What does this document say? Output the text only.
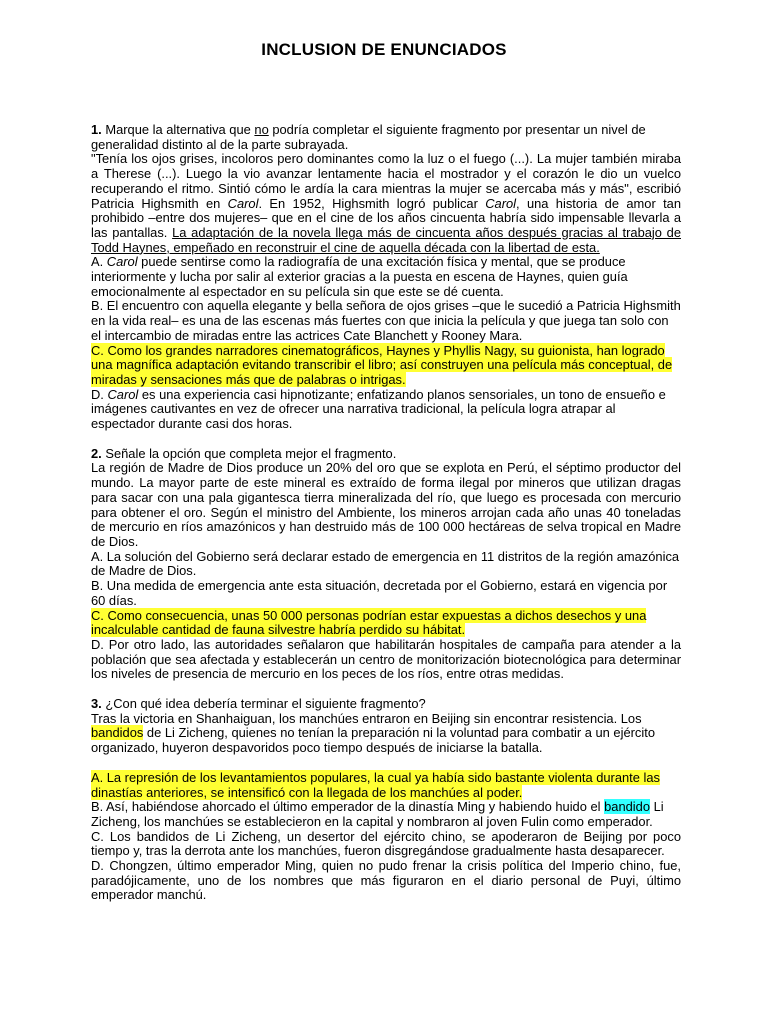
INCLUSION DE ENUNCIADOS

1. Marque la alternativa que no podría completar el siguiente fragmento por presentar un nivel de generalidad distinto al de la parte subrayada.

"Tenía los ojos grises, incoloros pero dominantes como la luz o el fuego (...). La mujer también miraba a Therese (...). Luego la vio avanzar lentamente hacia el mostrador y el corazón le dio un vuelco recuperando el ritmo. Sintió cómo le ardía la cara mientras la mujer se acercaba más y más", escribió Patricia Highsmith en Carol. En 1952, Highsmith logró publicar Carol, una historia de amor tan prohibido –entre dos mujeres– que en el cine de los años cincuenta habría sido impensable llevarla a las pantallas. La adaptación de la novela llega más de cincuenta años después gracias al trabajo de Todd Haynes, empeñado en reconstruir el cine de aquella década con la libertad de esta.

A. Carol puede sentirse como la radiografía de una excitación física y mental, que se produce interiormente y lucha por salir al exterior gracias a la puesta en escena de Haynes, quien guía emocionalmente al espectador en su película sin que este se dé cuenta.

B. El encuentro con aquella elegante y bella señora de ojos grises –que le sucedió a Patricia Highsmith en la vida real– es una de las escenas más fuertes con que inicia la película y que juega tan solo con el intercambio de miradas entre las actrices Cate Blanchett y Rooney Mara.

C. Como los grandes narradores cinematográficos, Haynes y Phyllis Nagy, su guionista, han logrado una magnífica adaptación evitando transcribir el libro; así construyen una película más conceptual, de miradas y sensaciones más que de palabras o intrigas.

D. Carol es una experiencia casi hipnotizante; enfatizando planos sensoriales, un tono de ensueño e imágenes cautivantes en vez de ofrecer una narrativa tradicional, la película logra atrapar al espectador durante casi dos horas.

2. Señale la opción que completa mejor el fragmento.

La región de Madre de Dios produce un 20% del oro que se explota en Perú, el séptimo productor del mundo. La mayor parte de este mineral es extraído de forma ilegal por mineros que utilizan dragas para sacar con una pala gigantesca tierra mineralizada del río, que luego es procesada con mercurio para obtener el oro. Según el ministro del Ambiente, los mineros arrojan cada año unas 40 toneladas de mercurio en ríos amazónicos y han destruido más de 100 000 hectáreas de selva tropical en Madre de Dios.

A. La solución del Gobierno será declarar estado de emergencia en 11 distritos de la región amazónica de Madre de Dios.

B. Una medida de emergencia ante esta situación, decretada por el Gobierno, estará en vigencia por 60 días.

C. Como consecuencia, unas 50 000 personas podrían estar expuestas a dichos desechos y una incalculable cantidad de fauna silvestre habría perdido su hábitat.

D. Por otro lado, las autoridades señalaron que habilitarán hospitales de campaña para atender a la población que sea afectada y establecerán un centro de monitorización biotecnológica para determinar los niveles de presencia de mercurio en los peces de los ríos, entre otras medidas.

3. ¿Con qué idea debería terminar el siguiente fragmento?

Tras la victoria en Shanhaiguan, los manchúes entraron en Beijing sin encontrar resistencia. Los bandidos de Li Zicheng, quienes no tenían la preparación ni la voluntad para combatir a un ejército organizado, huyeron despavoridos poco tiempo después de iniciarse la batalla.

A. La represión de los levantamientos populares, la cual ya había sido bastante violenta durante las dinastías anteriores, se intensificó con la llegada de los manchúes al poder.

B. Así, habiéndose ahorcado el último emperador de la dinastía Ming y habiendo huido el bandido Li Zicheng, los manchúes se establecieron en la capital y nombraron al joven Fulin como emperador.

C. Los bandidos de Li Zicheng, un desertor del ejército chino, se apoderaron de Beijing por poco tiempo y, tras la derrota ante los manchúes, fueron disgregándose gradualmente hasta desaparecer.

D. Chongzen, último emperador Ming, quien no pudo frenar la crisis política del Imperio chino, fue, paradójicamente, uno de los nombres que más figuraron en el diario personal de Puyi, último emperador manchú.
